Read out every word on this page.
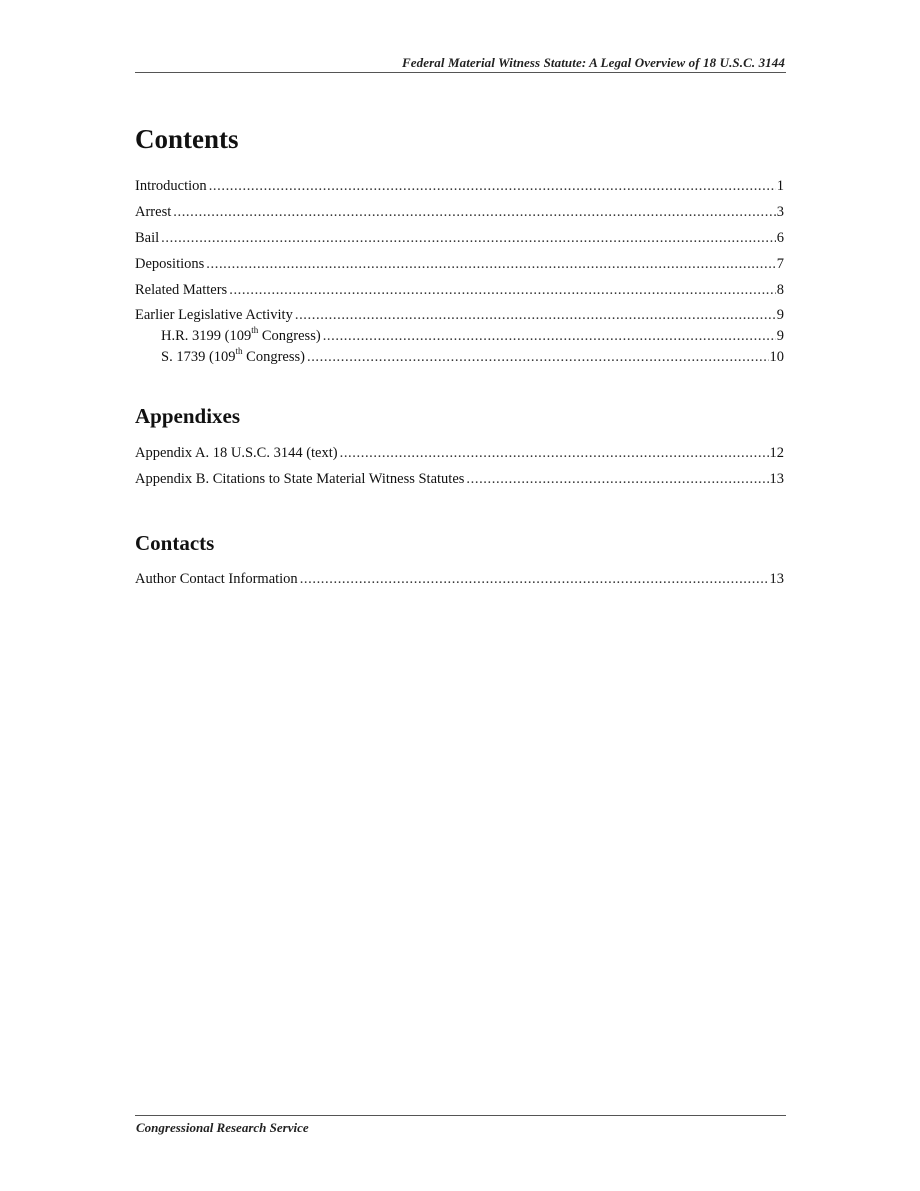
Federal Material Witness Statute: A Legal Overview of 18 U.S.C. 3144
Contents
Introduction .....	1
Arrest .....	3
Bail .....	6
Depositions .....	7
Related Matters .....	8
Earlier Legislative Activity .....	9
H.R. 3199 (109th Congress) .....	9
S. 1739 (109th Congress) .....	10
Appendixes
Appendix A. 18 U.S.C. 3144 (text) .....	12
Appendix B. Citations to State Material Witness Statutes .....	13
Contacts
Author Contact Information .....	13
Congressional Research Service
